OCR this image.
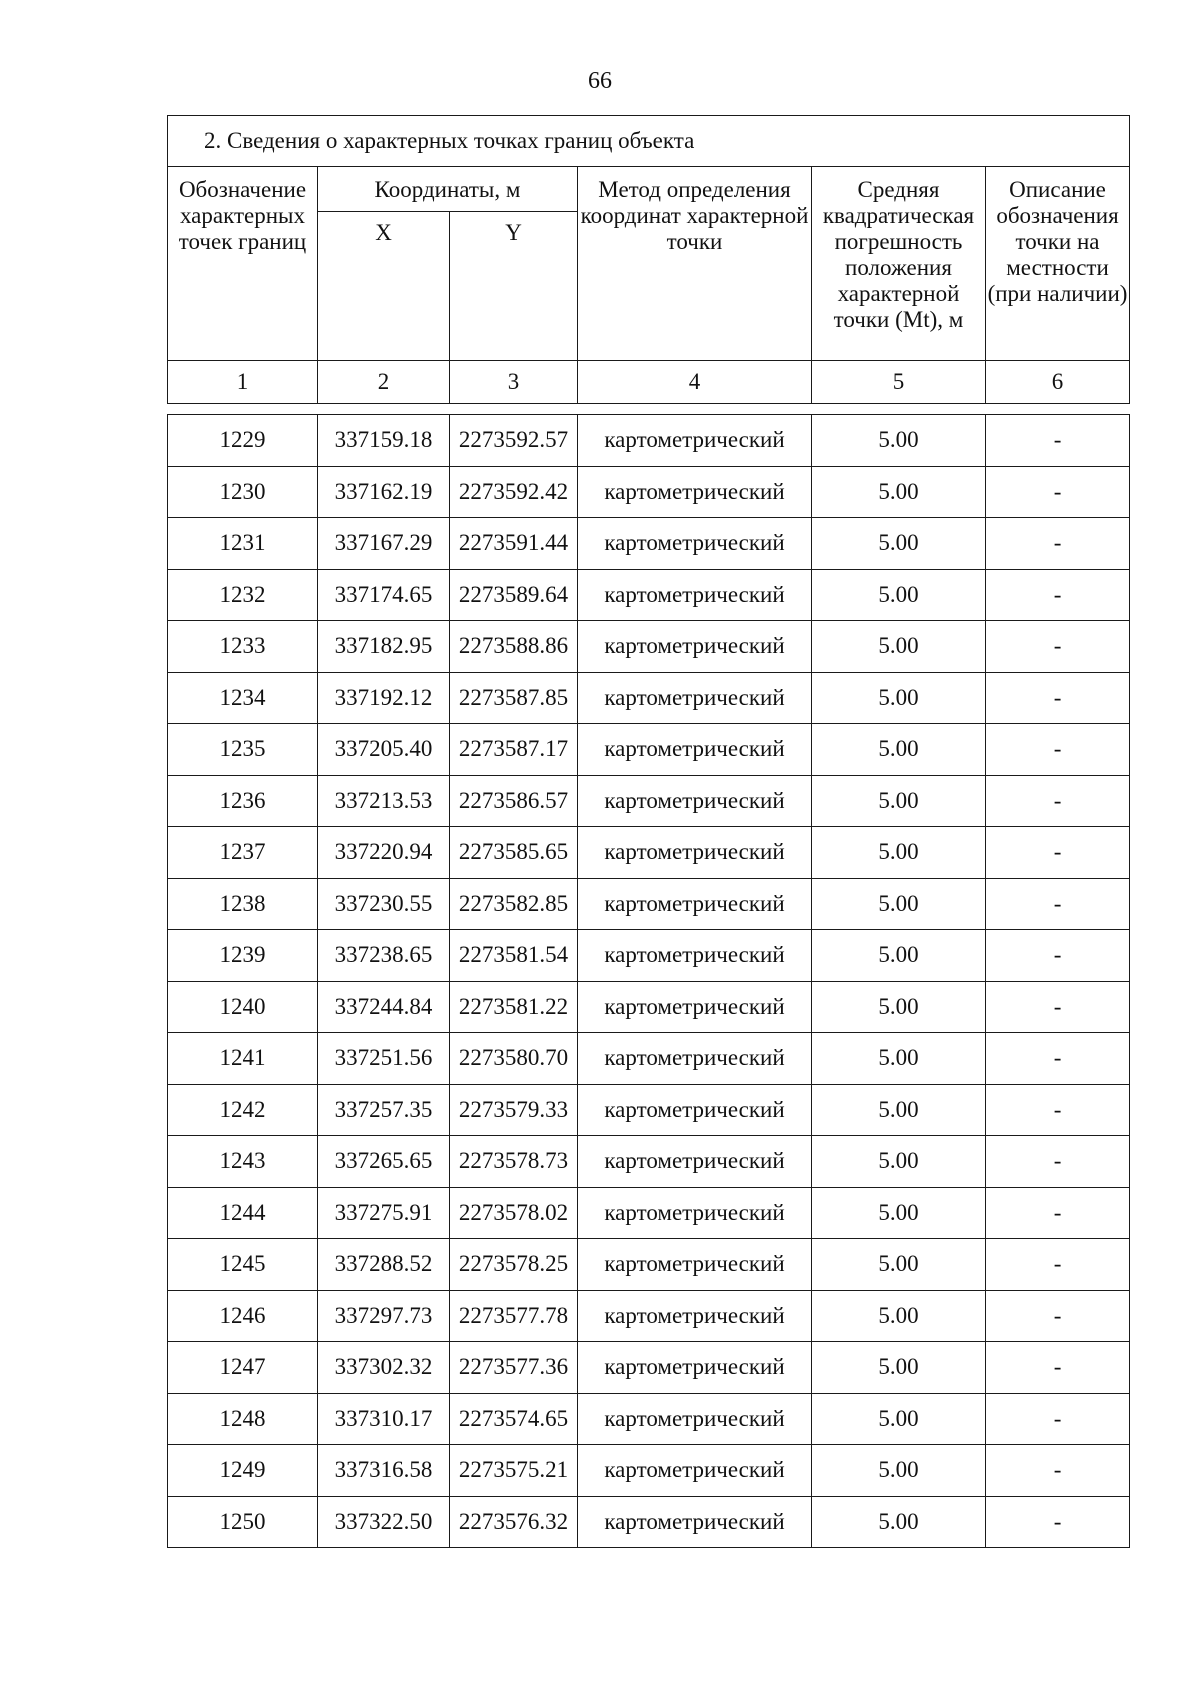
66
2. Сведения о характерных точках границ объекта					
Обозначение характерных точек границ	Координаты, м		Метод определения координат характерной точки	Средняя квадратическая погрешность положения характерной точки (Mt), м	Описание обозначения точки на местности (при наличии)
	X	Y			
1	2	3	4	5	6

1229	337159.18	2273592.57	картометрический	5.00	-
1230	337162.19	2273592.42	картометрический	5.00	-
1231	337167.29	2273591.44	картометрический	5.00	-
1232	337174.65	2273589.64	картометрический	5.00	-
1233	337182.95	2273588.86	картометрический	5.00	-
1234	337192.12	2273587.85	картометрический	5.00	-
1235	337205.40	2273587.17	картометрический	5.00	-
1236	337213.53	2273586.57	картометрический	5.00	-
1237	337220.94	2273585.65	картометрический	5.00	-
1238	337230.55	2273582.85	картометрический	5.00	-
1239	337238.65	2273581.54	картометрический	5.00	-
1240	337244.84	2273581.22	картометрический	5.00	-
1241	337251.56	2273580.70	картометрический	5.00	-
1242	337257.35	2273579.33	картометрический	5.00	-
1243	337265.65	2273578.73	картометрический	5.00	-
1244	337275.91	2273578.02	картометрический	5.00	-
1245	337288.52	2273578.25	картометрический	5.00	-
1246	337297.73	2273577.78	картометрический	5.00	-
1247	337302.32	2273577.36	картометрический	5.00	-
1248	337310.17	2273574.65	картометрический	5.00	-
1249	337316.58	2273575.21	картометрический	5.00	-
1250	337322.50	2273576.32	картометрический	5.00	-
